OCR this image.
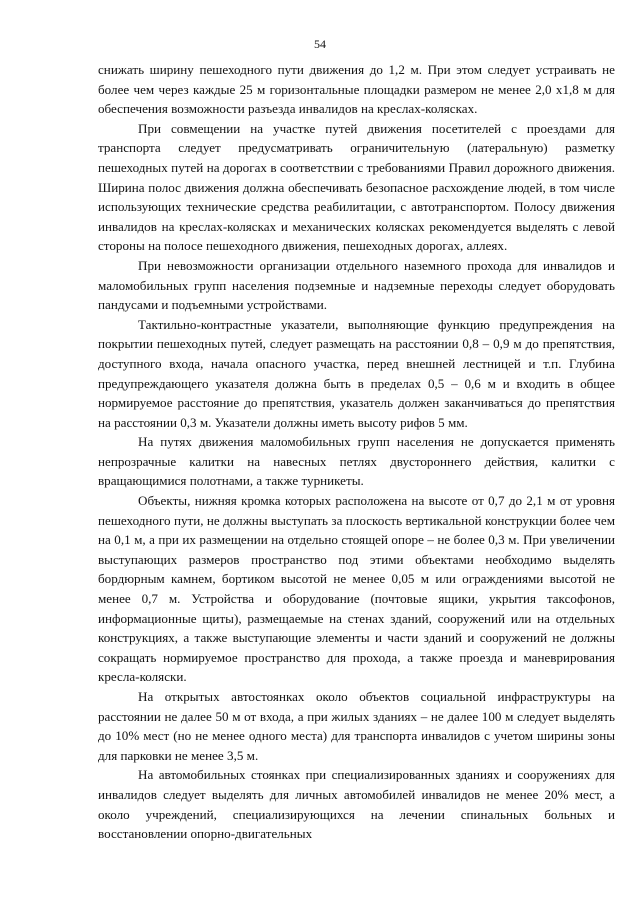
54

снижать ширину пешеходного пути движения до 1,2 м. При этом следует устраивать не более чем через каждые 25 м горизонтальные площадки размером не менее 2,0 х1,8 м для обеспечения возможности разъезда инвалидов на креслах-колясках.

При совмещении на участке путей движения посетителей с проездами для транспорта следует предусматривать ограничительную (латеральную) разметку пешеходных путей на дорогах в соответствии с требованиями Правил дорожного движения. Ширина полос движения должна обеспечивать безопасное расхождение людей, в том числе использующих технические средства реабилитации, с автотранспортом. Полосу движения инвалидов на креслах-колясках и механических колясках рекомендуется выделять с левой стороны на полосе пешеходного движения, пешеходных дорогах, аллеях.

При невозможности организации отдельного наземного прохода для инвалидов и маломобильных групп населения подземные и надземные переходы следует оборудовать пандусами и подъемными устройствами.

Тактильно-контрастные указатели, выполняющие функцию предупреждения на покрытии пешеходных путей, следует размещать на расстоянии 0,8 – 0,9 м до препятствия, доступного входа, начала опасного участка, перед внешней лестницей и т.п. Глубина предупреждающего указателя должна быть в пределах 0,5 – 0,6 м и входить в общее нормируемое расстояние до препятствия, указатель должен заканчиваться до препятствия на расстоянии 0,3 м. Указатели должны иметь высоту рифов 5 мм.

На путях движения маломобильных групп населения не допускается применять непрозрачные калитки на навесных петлях двустороннего действия, калитки с вращающимися полотнами, а также турникеты.

Объекты, нижняя кромка которых расположена на высоте от 0,7 до 2,1 м от уровня пешеходного пути, не должны выступать за плоскость вертикальной конструкции более чем на 0,1 м, а при их размещении на отдельно стоящей опоре – не более 0,3 м. При увеличении выступающих размеров пространство под этими объектами необходимо выделять бордюрным камнем, бортиком высотой не менее 0,05 м или ограждениями высотой не менее 0,7 м. Устройства и оборудование (почтовые ящики, укрытия таксофонов, информационные щиты), размещаемые на стенах зданий, сооружений или на отдельных конструкциях, а также выступающие элементы и части зданий и сооружений не должны сокращать нормируемое пространство для прохода, а также проезда и маневрирования кресла-коляски.

На открытых автостоянках около объектов социальной инфраструктуры на расстоянии не далее 50 м от входа, а при жилых зданиях – не далее 100 м следует выделять до 10% мест (но не менее одного места) для транспорта инвалидов с учетом ширины зоны для парковки не менее 3,5 м.

На автомобильных стоянках при специализированных зданиях и сооружениях для инвалидов следует выделять для личных автомобилей инвалидов не менее 20% мест, а около учреждений, специализирующихся на лечении спинальных больных и восстановлении опорно-двигательных
